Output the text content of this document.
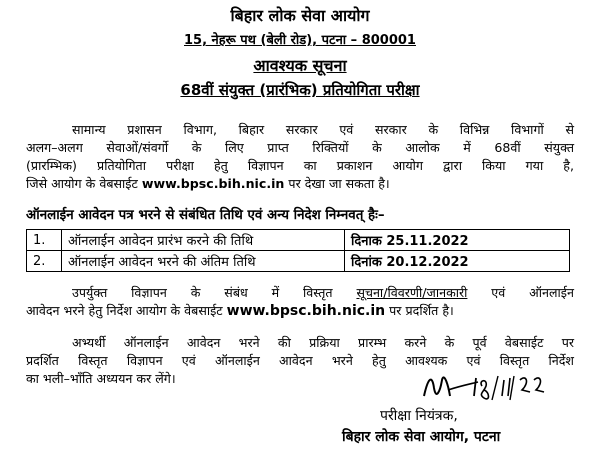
बिहार लोक सेवा आयोग
15, नेहरू पथ (बेली रोड), पटना – 800001
आवश्यक सूचना
68वीं संयुक्त (प्रारंभिक) प्रतियोगिता परीक्षा
सामान्य प्रशासन विभाग, बिहार सरकार एवं सरकार के विभिन्न विभागों से
अलग–अलग सेवाओं/संवर्गो के लिए प्राप्त रिक्तियों के आलोक में 68वीं संयुक्त
(प्रारम्भिक) प्रतियोगिता परीक्षा हेतु विज्ञापन का प्रकाशन आयोग द्वारा किया गया है,
जिसे आयोग के वेबसाईट www.bpsc.bih.nic.in पर देखा जा सकता है।
ऑनलाईन आवेदन पत्र भरने से संबंधित तिथि एवं अन्य निदेश निम्नवत् हैः–
1.	ऑनलाईन आवेदन प्रारंभ करने की तिथि	दिनाक 25.11.2022
2.	ऑनलाईन आवेदन भरने की अंतिम तिथि	दिनांक 20.12.2022
उपर्युक्त विज्ञापन के संबंध में विस्तृत सूचना/विवरणी/जानकारी एवं ऑनलाईन
आवेदन भरने हेतु निर्देश आयोग के वेबसाईट www.bpsc.bih.nic.in पर प्रदर्शित है।
अभ्यर्थी ऑनलाईन आवेदन भरने की प्रक्रिया प्रारम्भ करने के पूर्व वेबसाईट पर
प्रदर्शित विस्तृत विज्ञापन एवं ऑनलाईन आवेदन भरने हेतु आवश्यक एवं विस्तृत निर्देश
का भली–भाँति अध्ययन कर लेंगे।
परीक्षा नियंत्रक,
बिहार लोक सेवा आयोग, पटना
